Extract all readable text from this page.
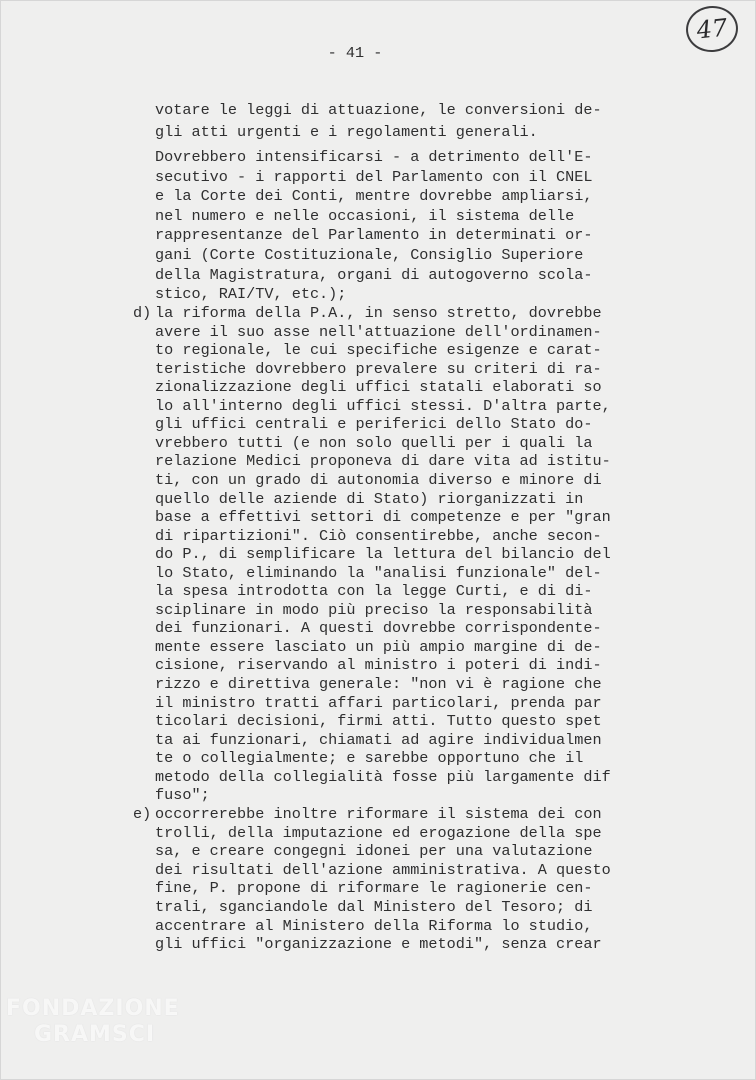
47
- 41 -
votare le leggi di attuazione, le conversioni de-
gli atti urgenti e i regolamenti generali.
Dovrebbero intensificarsi - a detrimento dell'E-
secutivo - i rapporti del Parlamento con il CNEL
e la Corte dei Conti, mentre dovrebbe ampliarsi,
nel numero e nelle occasioni, il sistema delle
rappresentanze del Parlamento in determinati or-
gani (Corte Costituzionale, Consiglio Superiore
della Magistratura, organi di autogoverno scola-
stico, RAI/TV, etc.);
d) la riforma della P.A., in senso stretto, dovrebbe
avere il suo asse nell'attuazione dell'ordinamen-
to regionale, le cui specifiche esigenze e carat-
teristiche dovrebbero prevalere su criteri di ra-
zionalizzazione degli uffici statali elaborati so
lo all'interno degli uffici stessi. D'altra parte,
gli uffici centrali e periferici dello Stato do-
vrebbero tutti (e non solo quelli per i quali la
relazione Medici proponeva di dare vita ad istitu-
ti, con un grado di autonomia diverso e minore di
quello delle aziende di Stato) riorganizzati in
base a effettivi settori di competenze e per "gran
di ripartizioni". Ciò consentirebbe, anche secon-
do P., di semplificare la lettura del bilancio del
lo Stato, eliminando la "analisi funzionale" del-
la spesa introdotta con la legge Curti, e di di-
sciplinare in modo più preciso la responsabilità
dei funzionari. A questi dovrebbe corrispondente-
mente essere lasciato un più ampio margine di de-
cisione, riservando al ministro i poteri di indi-
rizzo e direttiva generale: "non vi è ragione che
il ministro tratti affari particolari, prenda par
ticolari decisioni, firmi atti. Tutto questo spet
ta ai funzionari, chiamati ad agire individualmen
te o collegialmente; e sarebbe opportuno che il
metodo della collegialità fosse più largamente dif
fuso";
e) occorrerebbe inoltre riformare il sistema dei con
trolli, della imputazione ed erogazione della spe
sa, e creare congegni idonei per una valutazione
dei risultati dell'azione amministrativa. A questo
fine, P. propone di riformare le ragionerie cen-
trali, sganciandole dal Ministero del Tesoro; di
accentrare al Ministero della Riforma lo studio,
gli uffici "organizzazione e metodi", senza crear
FONDAZIONE
GRAMSCI
